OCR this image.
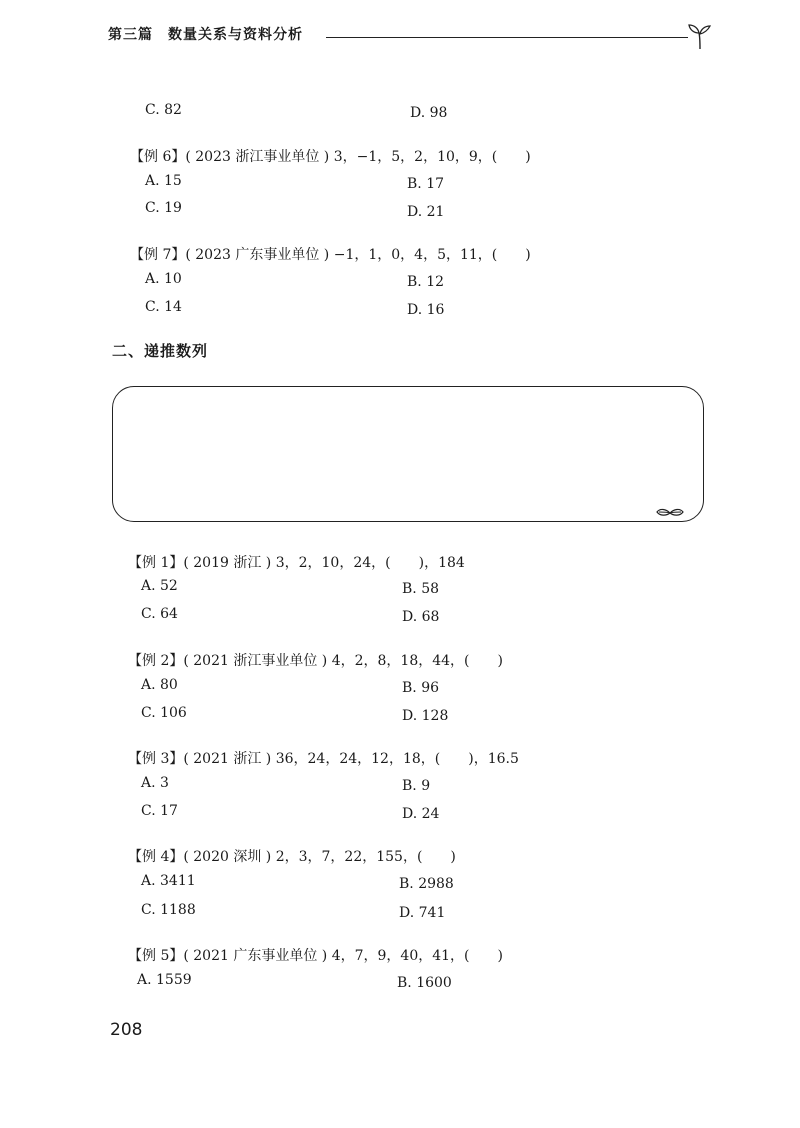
第三篇　数量关系与资料分析
C. 82	D. 98
【例 6】( 2023 浙江事业单位 ) 3，−1，5，2，10，9，(　　)
A. 15	B. 17
C. 19	D. 21
【例 7】( 2023 广东事业单位 ) −1，1，0，4，5，11，(　　)
A. 10	B. 12
C. 14	D. 16
二、递推数列
【例 1】( 2019 浙江 ) 3，2，10，24，(　　)，184
A. 52	B. 58
C. 64	D. 68
【例 2】( 2021 浙江事业单位 ) 4，2，8，18，44，(　　)
A. 80	B. 96
C. 106	D. 128
【例 3】( 2021 浙江 ) 36，24，24，12，18，(　　)，16.5
A. 3	B. 9
C. 17	D. 24
【例 4】( 2020 深圳 ) 2，3，7，22，155，(　　)
A. 3411	B. 2988
C. 1188	D. 741
【例 5】( 2021 广东事业单位 ) 4，7，9，40，41，(　　)
A. 1559	B. 1600
208
